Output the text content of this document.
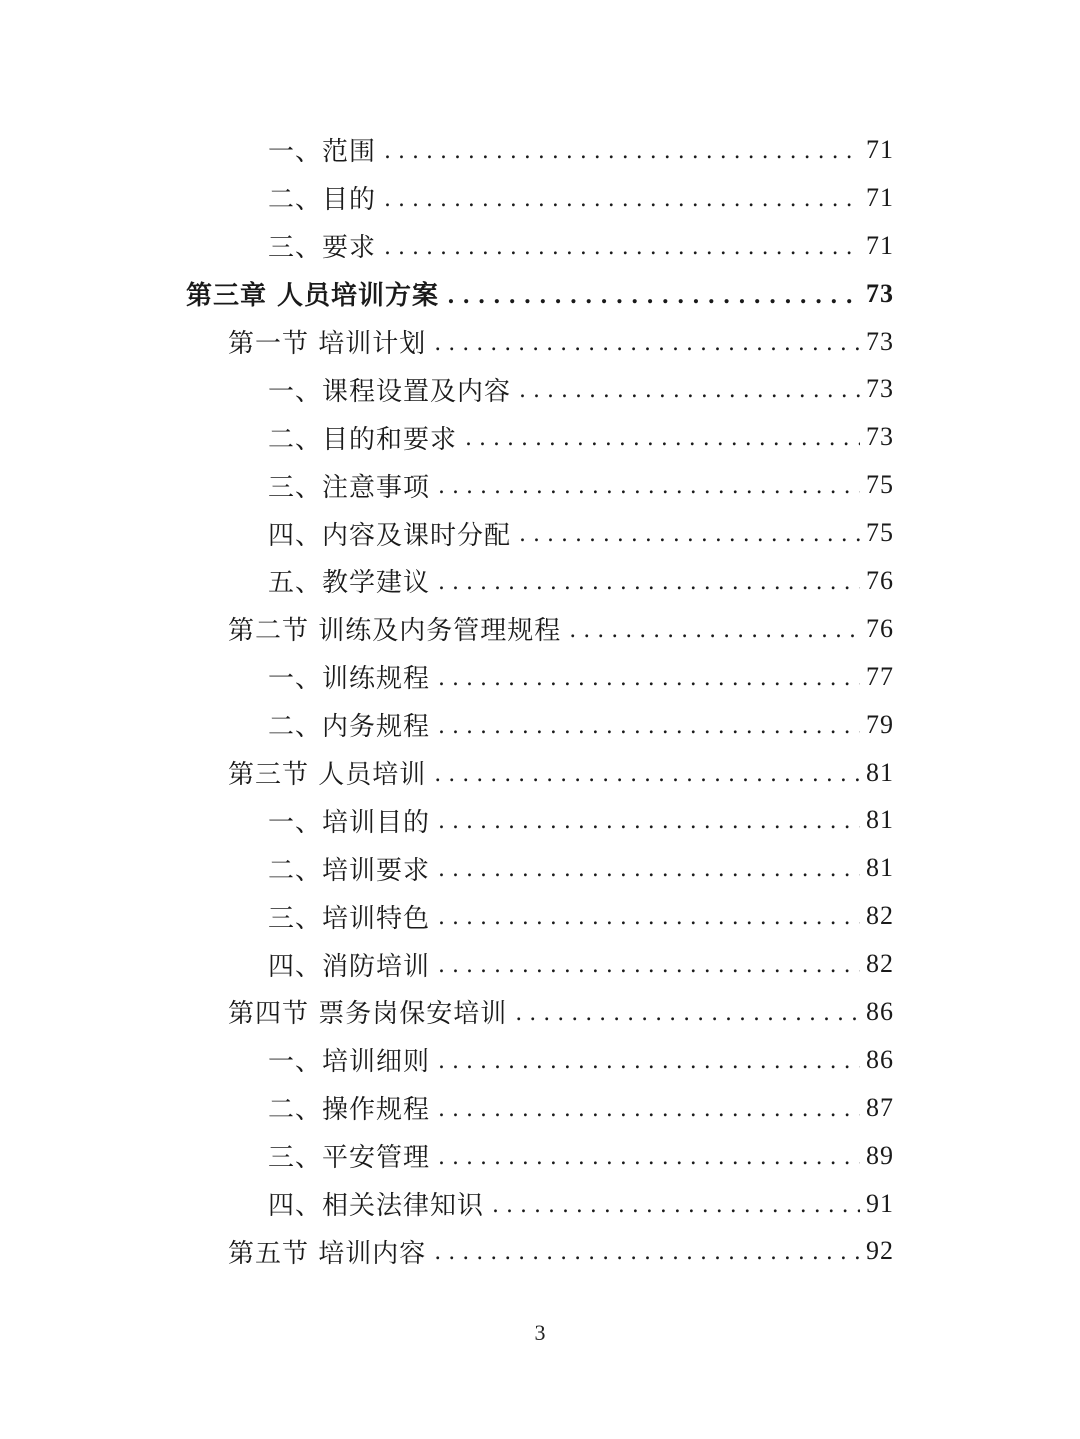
一、范围 . . .	71
二、目的 . . .	71
三、要求 . . .	71
第三章 人员培训方案 . . .	73
第一节 培训计划 . . .	73
一、课程设置及内容 . . .	73
二、目的和要求 . . .	73
三、注意事项 . . .	75
四、内容及课时分配 . . .	75
五、教学建议 . . .	76
第二节 训练及内务管理规程 . . .	76
一、训练规程 . . .	77
二、内务规程 . . .	79
第三节 人员培训 . . .	81
一、培训目的 . . .	81
二、培训要求 . . .	81
三、培训特色 . . .	82
四、消防培训 . . .	82
第四节 票务岗保安培训 . . .	86
一、培训细则 . . .	86
二、操作规程 . . .	87
三、平安管理 . . .	89
四、相关法律知识 . . .	91
第五节 培训内容 . . .	92
3
